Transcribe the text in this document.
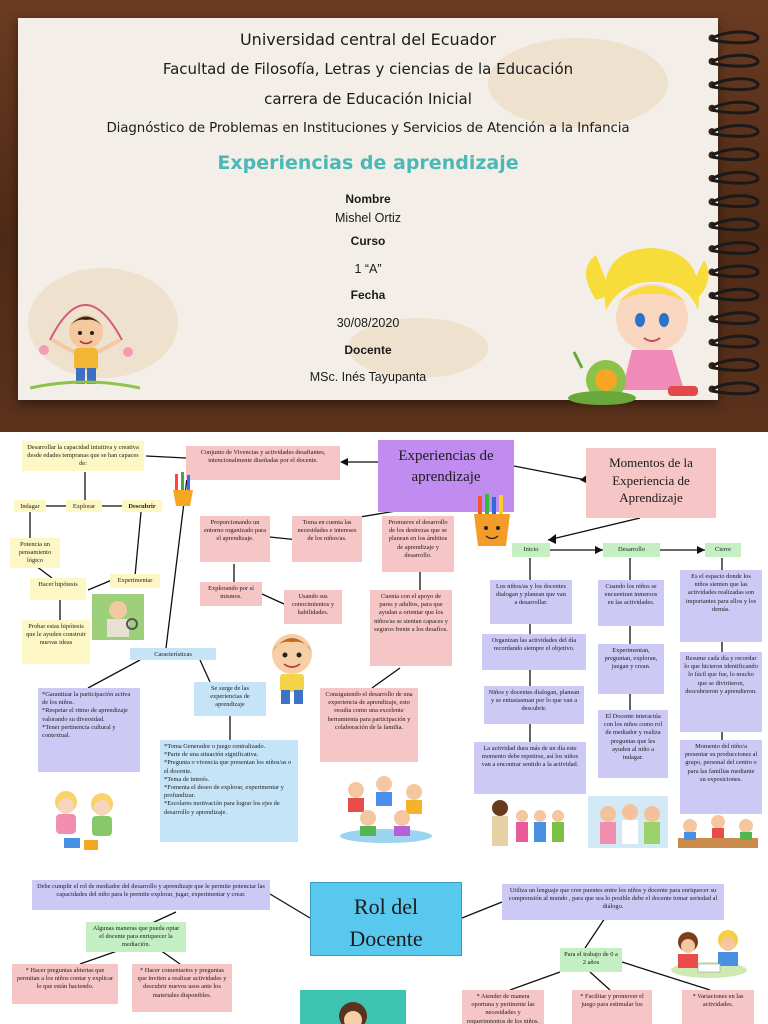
Universidad central del Ecuador
Facultad de Filosofía, Letras y ciencias de la Educación
carrera de Educación Inicial
Diagnóstico de Problemas en Instituciones y Servicios de Atención a la Infancia
Experiencias de aprendizaje
Nombre
Mishel Ortiz
Curso
1 “A”
Fecha
30/08/2020
Docente
MSc. Inés Tayupanta
Experiencias de aprendizaje
Conjunto de Vivencias y actividades desafiantes, intencionalmente diseñadas por el docente.
Desarrollar la capacidad intuitiva y creativa desde edades tempranas que se han capaces de:
Indagar	Explorar	Descubrir
Potencia un pensamiento lógico
Hacer hipótesis
Experimentar
Probar estas hipótesis que le ayuden construir nuevas ideas
Proporcionando un entorno organizado para el aprendizaje.
Toma en cuenta las necesidades e intereses de los niños/as.
Promueve el desarrollo de los destrezas que se planean en los ámbitos de aprendizaje y desarrollo.
Explorando por sí mismos.	Usando sus conocimientos y habilidades.
Cuenta con el apoyo de pares y adultos, para que ayudan a orientar que los niños/as se sientan capaces y seguros frente a los desafíos.
Consiguiendo el desarrollo de una experiencia de aprendizaje, esto resulta como una excelente herramienta para participación y colaboración de la familia.
Características
*Garantizar la participación activa de los niños.
*Respetar el ritmo de aprendizaje valorando su diversidad.
*Tener pertinencia cultural y contextual.
Se surge de las experiencias de aprendizaje
*Toma Generador o juego centralizado.
*Parte de una situación significativa.
*Pregunta o vivencia que presentan los niños/as o el docente.
*Tema de interés.
*Fomenta el deseo de explorar, experimentar y profundizar.
*Escolares motivación para lograr los ejes de desarrollo y aprendizaje.
Momentos de la Experiencia de Aprendizaje
Inicio	Desarrollo	Cierre
Los niños/as y los docentes dialogan y planean que van a desarrollar.
Organizan las actividades del día recordando siempre el objetivo.
Niños y docentes dialogan, planean y se entusiasman por lo que van a descubrir.
La actividad dura más de un día este momento debe repetirse, así los niños van a encontrar sentido a la actividad.
Cuando los niños se encuentran inmersos en las actividades.
Experimentan, preguntan, exploran, juegan y crean.
El Docente interactúa con los niños como rol de mediador y realiza preguntas que les ayuden al niño a indagar.
Es el espacio donde los niños sienten que las actividades realizadas son importantes para ellos y los demás.
Resume cada día y recordar lo que hicieron identificando lo fácil que fue, lo mucho que se divirtieron, descubrieron y aprendieron.
Momento del niño/a presentar su producciones al grupo, personal del centro o para las familias mediante su exposiciones.
Rol del Docente
Debe cumplir el rol de mediador del desarrollo y aprendizaje que le permite potenciar las capacidades del niño para le permite explorar, jugar, experimentar y crear.
Utiliza un lenguaje que cree puentes entre los niños y docente para enriquecer su comprensión al mundo , para que sea lo posible debe el docente tomar seriedad al diálogo.
Algunas maneras que pueda optar el docente para enriquecer la mediación.
* Hacer preguntas abiertas que permitan a los niños contar y explicar lo que están haciendo.
* Hacer comentarios y preguntas que inviten a realizar actividades y descubrir nuevos usos ante los materiales disponibles.
Para el trabajo de 0 a 2 años
* Atender de manera oportuna y pertinente las necesidades y requerimientos de los niños.
* Facilitar y promover el juego para estimular los
* Variaciones en las actividades.
